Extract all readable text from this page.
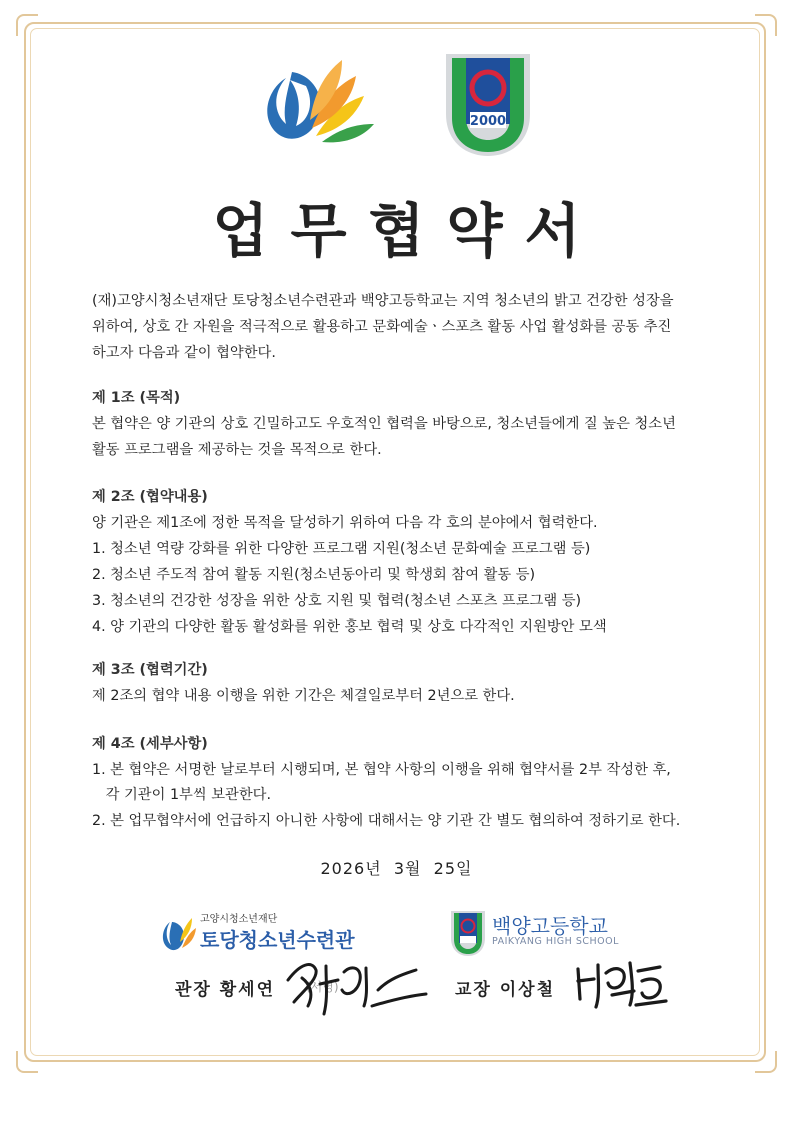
2000
업무협약서
(재)고양시청소년재단 토당청소년수련관과 백양고등학교는 지역 청소년의 밝고 건강한 성장을
위하여, 상호 간 자원을 적극적으로 활용하고 문화예술ㆍ스포츠 활동 사업 활성화를 공동 추진
하고자 다음과 같이 협약한다.
제 1조 (목적)
본 협약은 양 기관의 상호 긴밀하고도 우호적인 협력을 바탕으로, 청소년들에게 질 높은 청소년
활동 프로그램을 제공하는 것을 목적으로 한다.
제 2조 (협약내용)
양 기관은 제1조에 정한 목적을 달성하기 위하여 다음 각 호의 분야에서 협력한다.
1. 청소년 역량 강화를 위한 다양한 프로그램 지원(청소년 문화예술 프로그램 등)
2. 청소년 주도적 참여 활동 지원(청소년동아리 및 학생회 참여 활동 등)
3. 청소년의 건강한 성장을 위한 상호 지원 및 협력(청소년 스포츠 프로그램 등)
4. 양 기관의 다양한 활동 활성화를 위한 홍보 협력 및 상호 다각적인 지원방안 모색
제 3조 (협력기간)
제 2조의 협약 내용 이행을 위한 기간은 체결일로부터 2년으로 한다.
제 4조 (세부사항)
1. 본 협약은 서명한 날로부터 시행되며, 본 협약 사항의 이행을 위해 협약서를 2부 작성한 후,
각 기관이 1부씩 보관한다.
2. 본 업무협약서에 언급하지 아니한 사항에 대해서는 양 기관 간 별도 협의하여 정하기로 한다.
2026년  3월  25일
고양시청소년재단
토당청소년수련관
백양고등학교
PAIKYANG HIGH SCHOOL
관장 황세연	(서명)	교장 이상철
